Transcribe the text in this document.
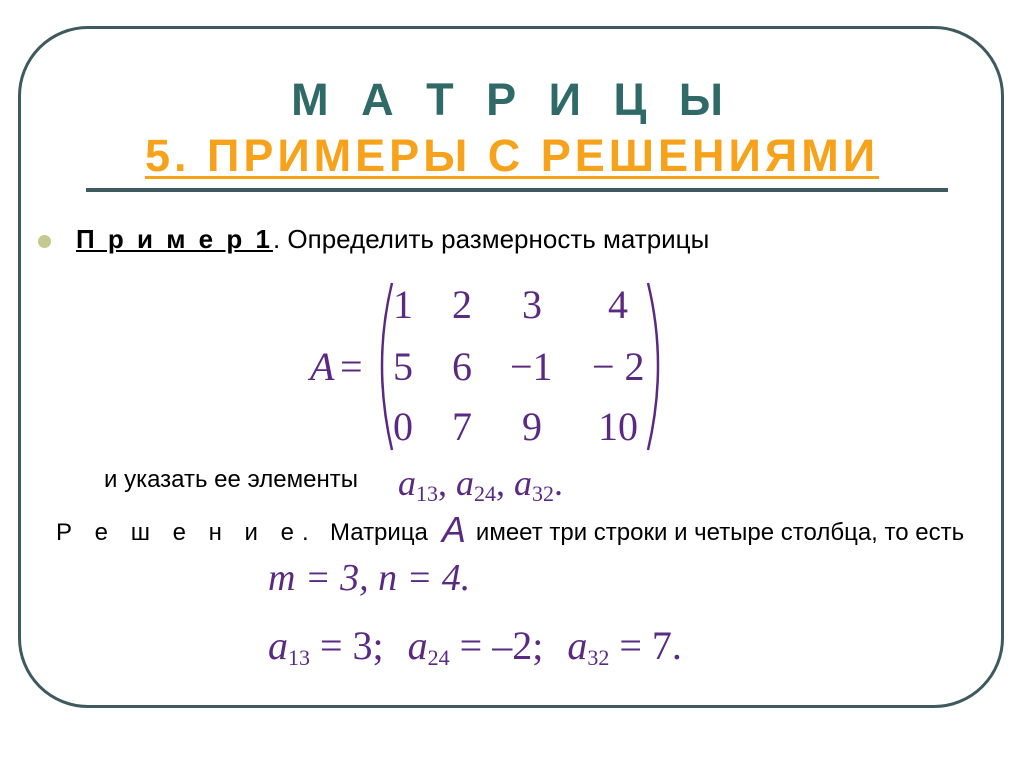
М А Т Р И Ц Ы
5. ПРИМЕРЫ С РЕШЕНИЯМИ
П р и м е р 1. Определить размерность матрицы
A =
1 2 3 4
5 6 −1 − 2
0 7 9 10
и указать ее элементы $a_{13}$, $a_{24}$, $a_{32}$.
Р е ш е н и е. Матрица A имеет три строки и четыре столбца, то есть
m = 3, n = 4.
$a_{13} = 3$; $a_{24} = -2$; $a_{32} = 7$.
